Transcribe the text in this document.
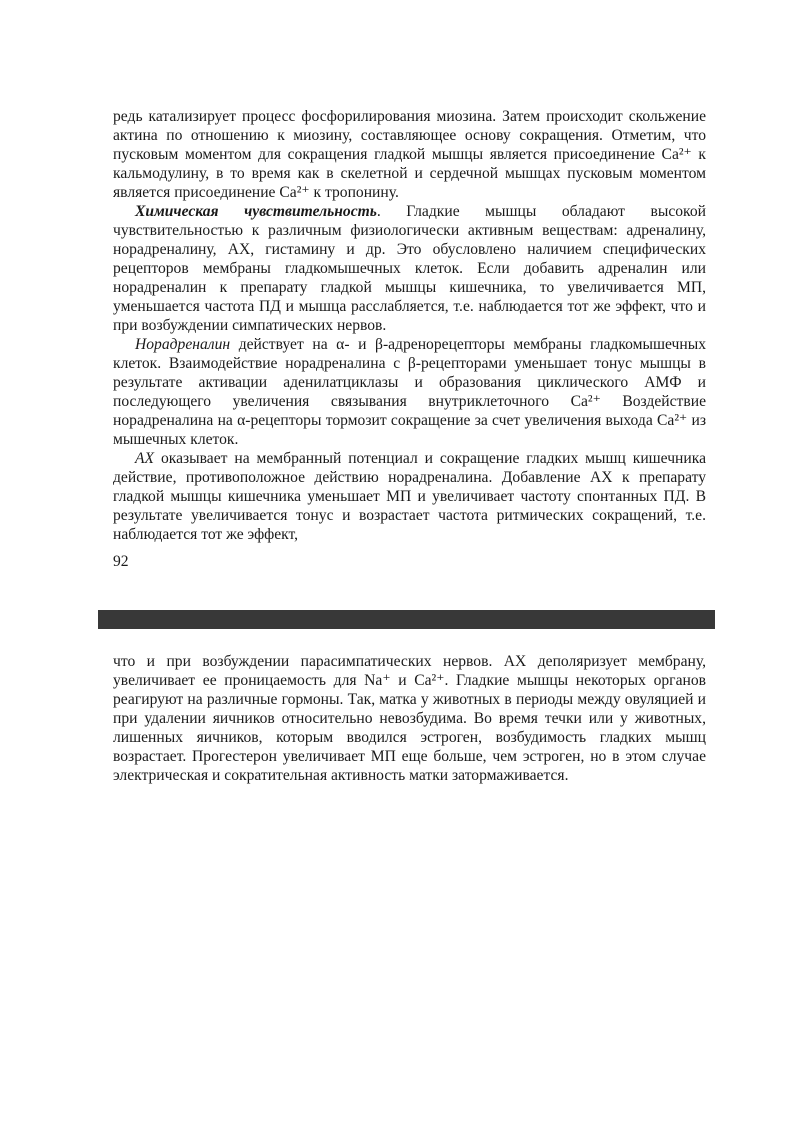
редь катализирует процесс фосфорилирования миозина. Затем происходит скольжение актина по отношению к миозину, составляющее основу сокращения. Отметим, что пусковым моментом для сокращения гладкой мышцы является присоединение Ca²⁺ к кальмодулину, в то время как в скелетной и сердечной мышцах пусковым моментом является присоединение Ca²⁺ к тропонину.

Химическая чувствительность. Гладкие мышцы обладают высокой чувствительностью к различным физиологически активным веществам: адреналину, норадреналину, АХ, гистамину и др. Это обусловлено наличием специфических рецепторов мембраны гладкомышечных клеток. Если добавить адреналин или норадреналин к препарату гладкой мышцы кишечника, то увеличивается МП, уменьшается частота ПД и мышца расслабляется, т.е. наблюдается тот же эффект, что и при возбуждении симпатических нервов.

Норадреналин действует на α- и β-адренорецепторы мембраны гладкомышечных клеток. Взаимодействие норадреналина с β-рецепторами уменьшает тонус мышцы в результате активации аденилатциклазы и образования циклического АМФ и последующего увеличения связывания внутриклеточного Ca²⁺ Воздействие норадреналина на α-рецепторы тормозит сокращение за счет увеличения выхода Ca²⁺ из мышечных клеток.

АХ оказывает на мембранный потенциал и сокращение гладких мышц кишечника действие, противоположное действию норадреналина. Добавление АХ к препарату гладкой мышцы кишечника уменьшает МП и увеличивает частоту спонтанных ПД. В результате увеличивается тонус и возрастает частота ритмических сокращений, т.е. наблюдается тот же эффект,

92

что и при возбуждении парасимпатических нервов. АХ деполяризует мембрану, увеличивает ее проницаемость для Na⁺ и Ca²⁺. Гладкие мышцы некоторых органов реагируют на различные гормоны. Так, матка у животных в периоды между овуляцией и при удалении яичников относительно невозбудима. Во время течки или у животных, лишенных яичников, которым вводился эстроген, возбудимость гладких мышц возрастает. Прогестерон увеличивает МП еще больше, чем эстроген, но в этом случае электрическая и сократительная активность матки затормаживается.
